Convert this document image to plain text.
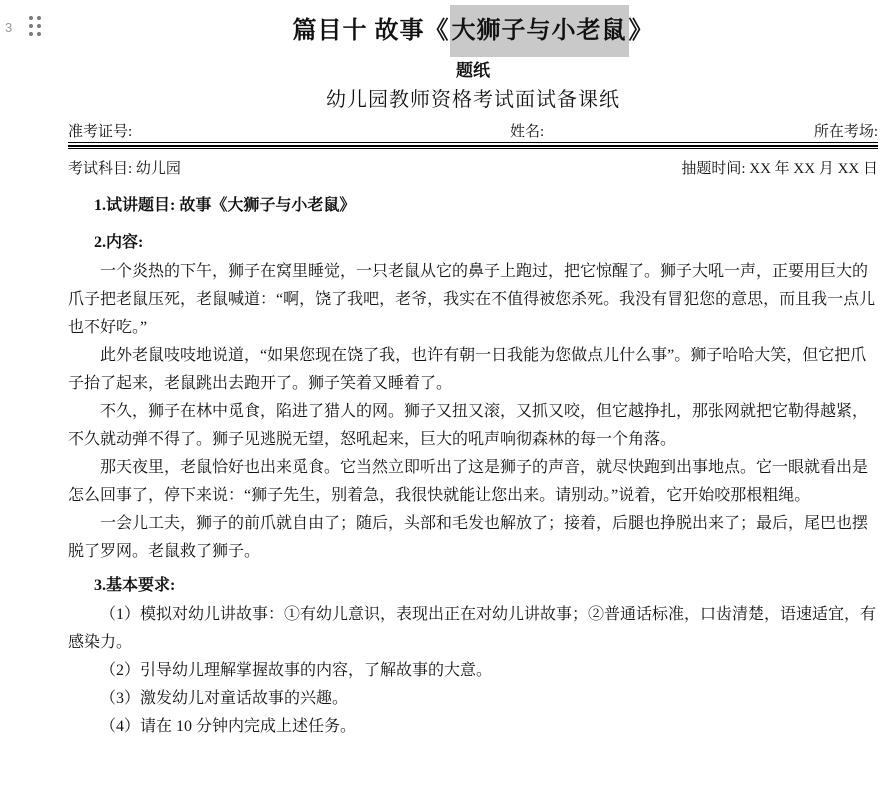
3	篇目十 故事《大狮子与小老鼠》
题纸
幼儿园教师资格考试面试备课纸
准考证号:	姓名:	所在考场:
考试科目: 幼儿园	抽题时间: XX 年 XX 月 XX 日
1.试讲题目: 故事《大狮子与小老鼠》
2.内容:

一个炎热的下午，狮子在窝里睡觉，一只老鼠从它的鼻子上跑过，把它惊醒了。狮子大吼一声，正要用巨大的爪子把老鼠压死，老鼠喊道：“啊，饶了我吧，老爷，我实在不值得被您杀死。我没有冒犯您的意思，而且我一点儿也不好吃。”

此外老鼠吱吱地说道，“如果您现在饶了我，也许有朝一日我能为您做点儿什么事”。狮子哈哈大笑，但它把爪子抬了起来，老鼠跳出去跑开了。狮子笑着又睡着了。

不久，狮子在林中觅食，陷进了猎人的网。狮子又扭又滚，又抓又咬，但它越挣扎，那张网就把它勒得越紧，不久就动弹不得了。狮子见逃脱无望，怒吼起来，巨大的吼声响彻森林的每一个角落。

那天夜里，老鼠恰好也出来觅食。它当然立即听出了这是狮子的声音，就尽快跑到出事地点。它一眼就看出是怎么回事了，停下来说：“狮子先生，别着急，我很快就能让您出来。请别动。”说着，它开始咬那根粗绳。

一会儿工夫，狮子的前爪就自由了；随后，头部和毛发也解放了；接着，后腿也挣脱出来了；最后，尾巴也摆脱了罗网。老鼠救了狮子。

3.基本要求:

（1）模拟对幼儿讲故事：①有幼儿意识，表现出正在对幼儿讲故事；②普通话标准，口齿清楚，语速适宜，有感染力。

（2）引导幼儿理解掌握故事的内容，了解故事的大意。

（3）激发幼儿对童话故事的兴趣。

（4）请在 10 分钟内完成上述任务。
